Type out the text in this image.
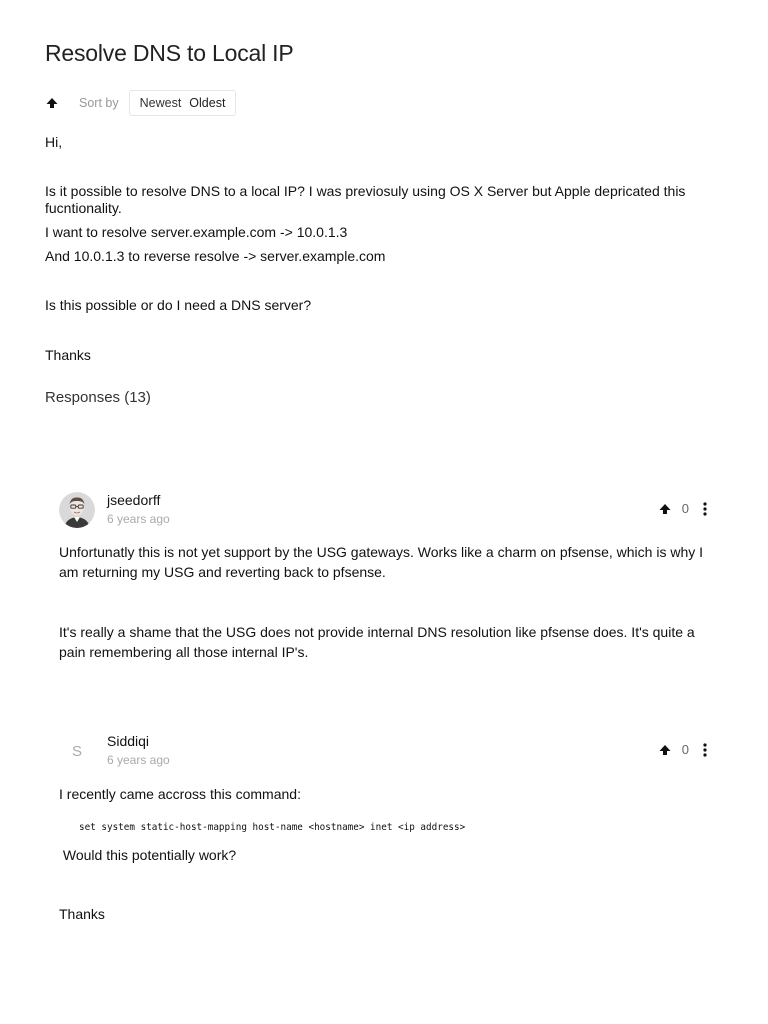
Resolve DNS to Local IP
Sort by	Newest Oldest

Hi,

Is it possible to resolve DNS to a local IP? I was previosuly using OS X Server but Apple depricated this fucntionality.

I want to resolve server.example.com -> 10.0.1.3

And 10.0.1.3 to reverse resolve -> server.example.com

Is this possible or do I need a DNS server?

Thanks

Responses (13)
jseedorff
6 years ago
0

Unfortunatly this is not yet support by the USG gateways. Works like a charm on pfsense, which is why I am returning my USG and reverting back to pfsense.

It's really a shame that the USG does not provide internal DNS resolution like pfsense does. It's quite a pain remembering all those internal IP's.

S
Siddiqi
6 years ago
0

I recently came accross this command:

set system static-host-mapping host-name <hostname> inet <ip address>

Would this potentially work?

Thanks
